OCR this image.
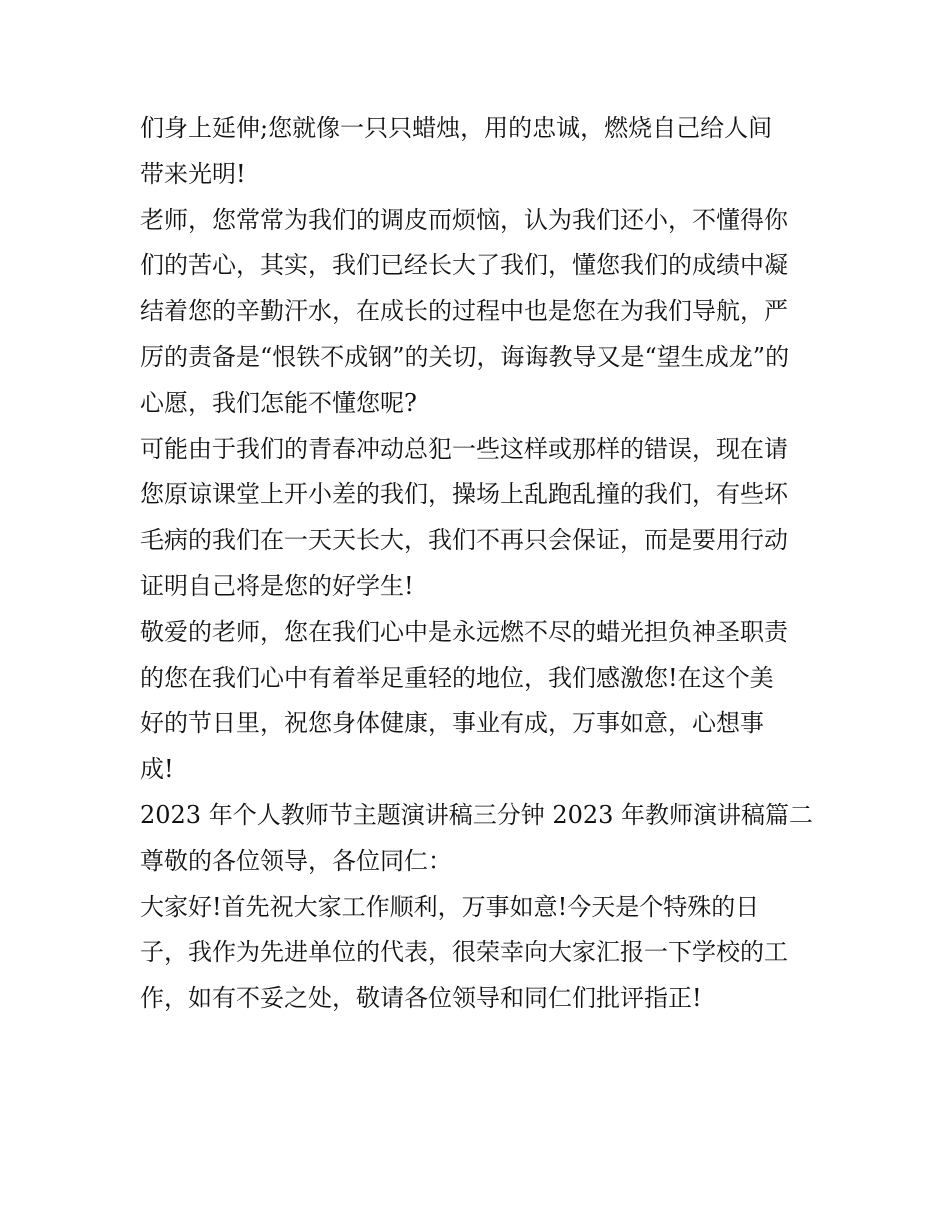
们身上延伸;您就像一只只蜡烛，用的忠诚，燃烧自己给人间
带来光明!
老师，您常常为我们的调皮而烦恼，认为我们还小，不懂得你
们的苦心，其实，我们已经长大了我们，懂您我们的成绩中凝
结着您的辛勤汗水，在成长的过程中也是您在为我们导航，严
厉的责备是“恨铁不成钢”的关切，诲诲教导又是“望生成龙”的
心愿，我们怎能不懂您呢?
可能由于我们的青春冲动总犯一些这样或那样的错误，现在请
您原谅课堂上开小差的我们，操场上乱跑乱撞的我们，有些坏
毛病的我们在一天天长大，我们不再只会保证，而是要用行动
证明自己将是您的好学生!
敬爱的老师，您在我们心中是永远燃不尽的蜡光担负神圣职责
的您在我们心中有着举足重轻的地位，我们感激您!在这个美
好的节日里，祝您身体健康，事业有成，万事如意，心想事
成!
2023 年个人教师节主题演讲稿三分钟 2023 年教师演讲稿篇二
尊敬的各位领导，各位同仁：
大家好!首先祝大家工作顺利，万事如意!今天是个特殊的日
子，我作为先进单位的代表，很荣幸向大家汇报一下学校的工
作，如有不妥之处，敬请各位领导和同仁们批评指正!
